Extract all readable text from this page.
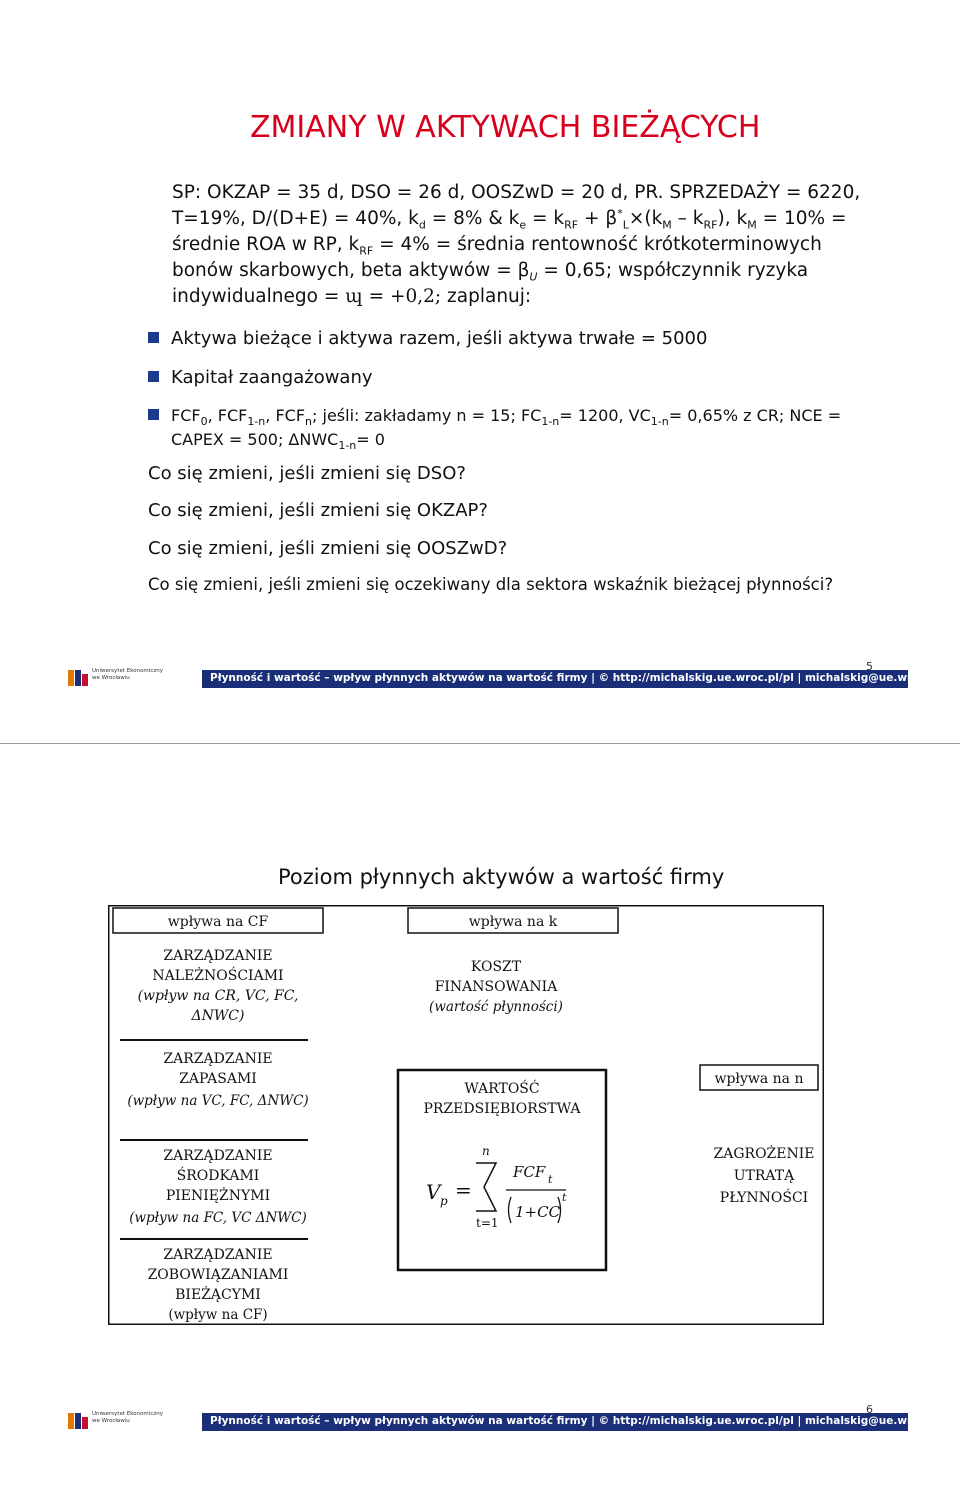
ZMIANY W AKTYWACH BIEŻĄCYCH
SP: OKZAP = 35 d, DSO = 26 d, OOSZwD = 20 d, PR. SPRZEDAŻY = 6220,
T=19%, D/(D+E) = 40%, $k_d = 8\%$ & $k_e = k_{RF} + \beta^*_L\times(k_M - k_{RF})$, $k_M = 10\%$ =
średnie ROA w RP, $k_{RF} = 4\%$ = średnia rentowność krótkoterminowych
bonów skarbowych, beta aktywów = $\beta_U = 0,65$; współczynnik ryzyka
indywidualnego = ɰ = +0,2; zaplanuj:
Aktywa bieżące i aktywa razem, jeśli aktywa trwałe = 5000
Kapitał zaangażowany
$FCF_0$, $FCF_{1-n}$, $FCF_n$; jeśli: zakładamy n = 15; $FC_{1-n}= 1200$, $VC_{1-n}= 0,65\%$ z CR; NCE =
CAPEX = 500; $\Delta NWC_{1-n}= 0$
Co się zmieni, jeśli zmieni się DSO?
Co się zmieni, jeśli zmieni się OKZAP?
Co się zmieni, jeśli zmieni się OOSZwD?
Co się zmieni, jeśli zmieni się oczekiwany dla sektora wskaźnik bieżącej płynności?
Uniwersytet Ekonomiczny
we Wrocławiu	Płynność i wartość – wpływ płynnych aktywów na wartość firmy | © http://michalskig.ue.wroc.pl/pl | michalskig@ue.wroc.pl
5
Poziom płynnych aktywów a wartość firmy
wpływa na CF
ZARZĄDZANIE
NALEŻNOŚCIAMI
(wpływ na CR, VC, FC,
ΔNWC)
ZARZĄDZANIE
ZAPASAMI
(wpływ na VC, FC, ΔNWC)
ZARZĄDZANIE
ŚRODKAMI
PIENIĘŻNYMI
(wpływ na FC, VC ΔNWC)
ZARZĄDZANIE
ZOBOWIĄZANIAMI
BIEŻĄCYMI
(wpływ na CF)
wpływa na k
KOSZT
FINANSOWANIA
(wartość płynności)
WARTOŚĆ
PRZEDSIĘBIORSTWA
V p =
n
t=1
FCF t
1+CC
t
wpływa na n
ZAGROŻENIE
UTRATĄ
PŁYNNOŚCI
Uniwersytet Ekonomiczny
we Wrocławiu	Płynność i wartość – wpływ płynnych aktywów na wartość firmy | © http://michalskig.ue.wroc.pl/pl | michalskig@ue.wroc.pl
6
